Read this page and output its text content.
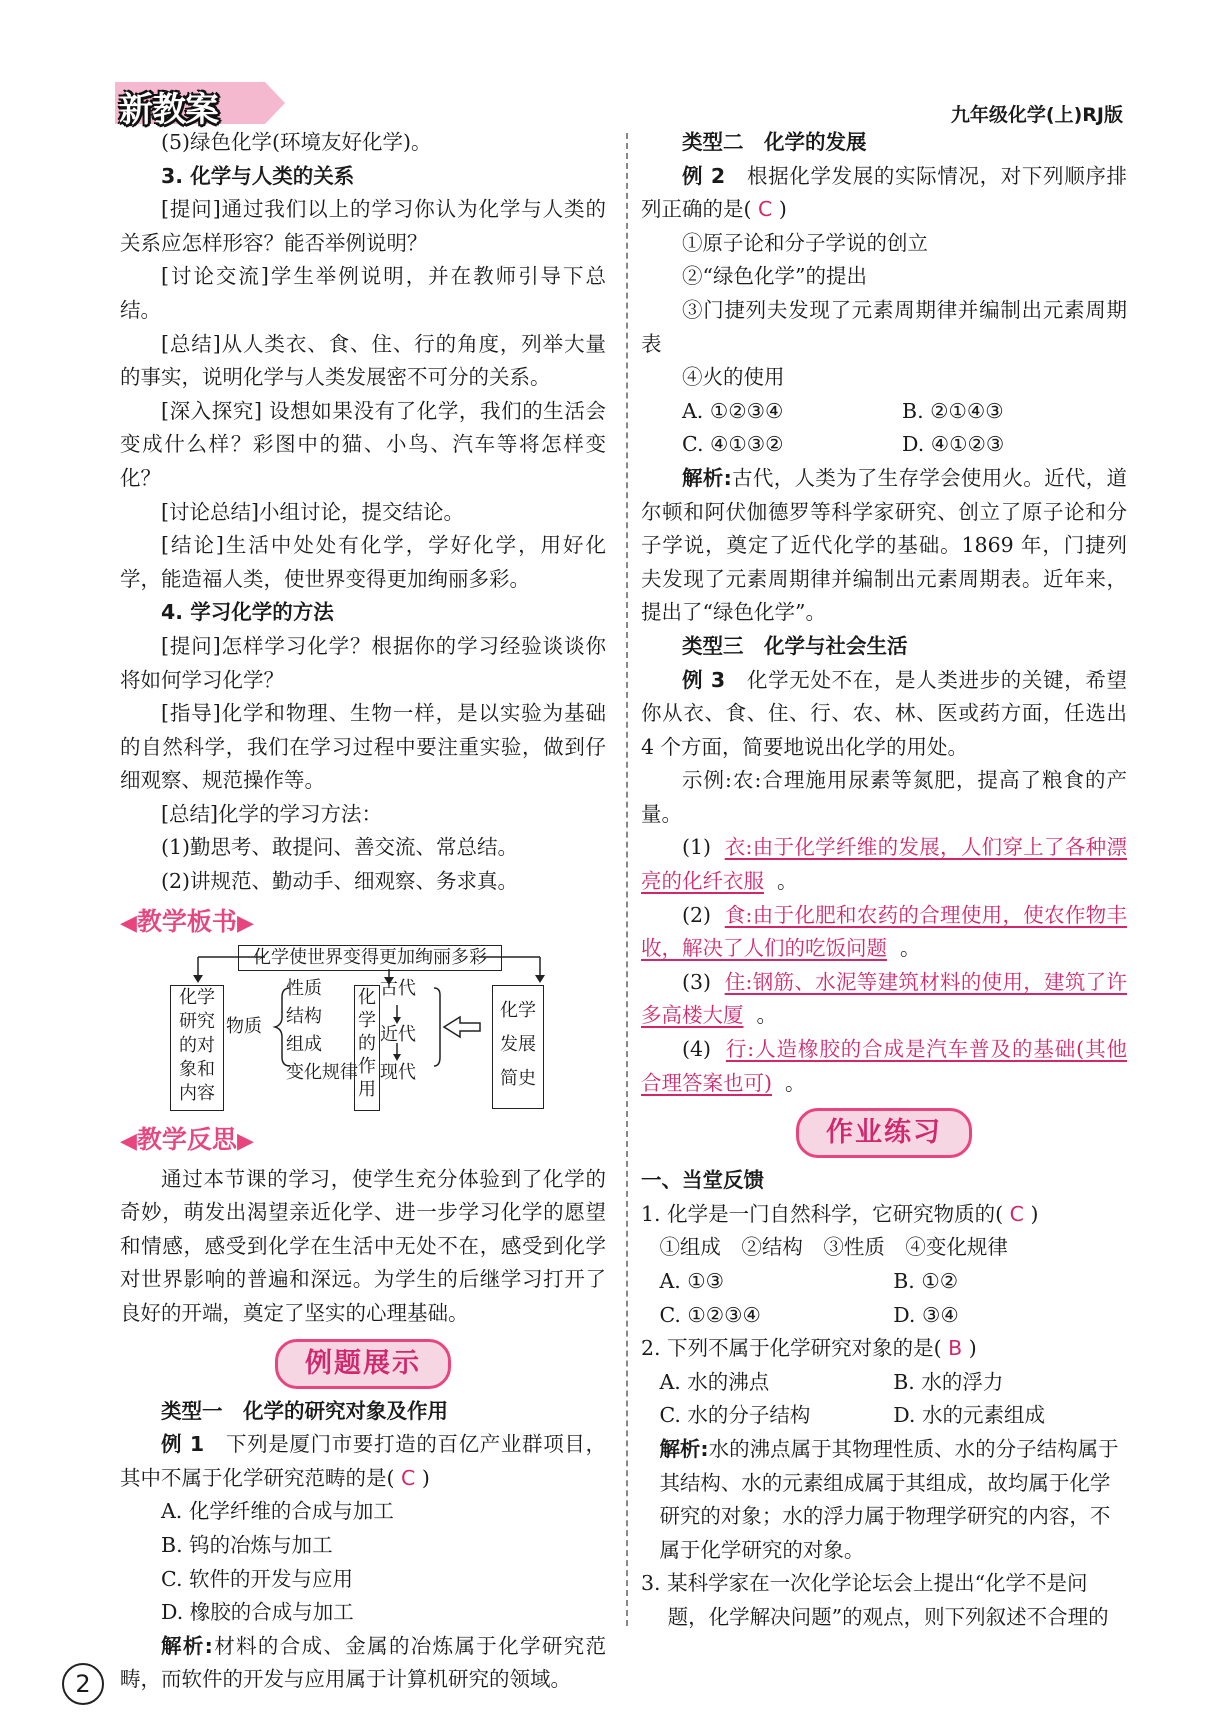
新教案	九年级化学(上)RJ版

(5)绿色化学(环境友好化学)。

3. 化学与人类的关系

[提问]通过我们以上的学习你认为化学与人类的关系应怎样形容？能否举例说明？

[讨论交流]学生举例说明，并在教师引导下总结。

[总结]从人类衣、食、住、行的角度，列举大量的事实，说明化学与人类发展密不可分的关系。

[深入探究] 设想如果没有了化学，我们的生活会变成什么样？彩图中的猫、小鸟、汽车等将怎样变化？

[讨论总结]小组讨论，提交结论。

[结论]生活中处处有化学，学好化学，用好化学，能造福人类，使世界变得更加绚丽多彩。

4. 学习化学的方法

[提问]怎样学习化学？根据你的学习经验谈谈你将如何学习化学？

[指导]化学和物理、生物一样，是以实验为基础的自然科学，我们在学习过程中要注重实验，做到仔细观察、规范操作等。

[总结]化学的学习方法：

(1)勤思考、敢提问、善交流、常总结。

(2)讲规范、勤动手、细观察、务求真。

◀教学板书▶
化学使世界变得更加绚丽多彩
化学
研究
的对
象和
内容
物质
性质
结构
组成
变化规律
化
学
的
作
用
古代
近代
现代
化学
发展
简史
◀教学反思▶

通过本节课的学习，使学生充分体验到了化学的奇妙，萌发出渴望亲近化学、进一步学习化学的愿望和情感，感受到化学在生活中无处不在，感受到化学对世界影响的普遍和深远。为学生的后继学习打开了良好的开端，奠定了坚实的心理基础。

例题展示

类型一　化学的研究对象及作用

例 1　 下列是厦门市要打造的百亿产业群项目，其中不属于化学研究范畴的是( C )

A. 化学纤维的合成与加工

B. 钨的冶炼与加工

C. 软件的开发与应用

D. 橡胶的合成与加工

解析:材料的合成、金属的冶炼属于化学研究范畴，而软件的开发与应用属于计算机研究的领域。

类型二　化学的发展

例 2　 根据化学发展的实际情况，对下列顺序排列正确的是( C )

①原子论和分子学说的创立

②“绿色化学”的提出

③门捷列夫发现了元素周期律并编制出元素周期表

④火的使用

A. ①②③④	B. ②①④③
C. ④①③②	D. ④①②③

解析:古代，人类为了生存学会使用火。近代，道尔顿和阿伏伽德罗等科学家研究、创立了原子论和分子学说，奠定了近代化学的基础。1869 年，门捷列夫发现了元素周期律并编制出元素周期表。近年来，提出了“绿色化学”。

类型三　化学与社会生活

例 3　 化学无处不在，是人类进步的关键，希望你从衣、食、住、行、农、林、医或药方面，任选出 4 个方面，简要地说出化学的用处。

示例:农:合理施用尿素等氮肥，提高了粮食的产量。

(1) 衣:由于化学纤维的发展，人们穿上了各种漂亮的化纤衣服 。

(2) 食:由于化肥和农药的合理使用，使农作物丰收，解决了人们的吃饭问题 。

(3) 住:钢筋、水泥等建筑材料的使用，建筑了许多高楼大厦 。

(4) 行:人造橡胶的合成是汽车普及的基础(其他合理答案也可) 。

作业练习

一、当堂反馈

1. 化学是一门自然科学，它研究物质的( C )

①组成　②结构　③性质　④变化规律

A. ①③	B. ①②
C. ①②③④	D. ③④

2. 下列不属于化学研究对象的是( B )

A. 水的沸点	B. 水的浮力
C. 水的分子结构	D. 水的元素组成

解析:水的沸点属于其物理性质、水的分子结构属于其结构、水的元素组成属于其组成，故均属于化学研究的对象；水的浮力属于物理学研究的内容，不属于化学研究的对象。

3. 某科学家在一次化学论坛会上提出“化学不是问题，化学解决问题”的观点，则下列叙述不合理的

2
